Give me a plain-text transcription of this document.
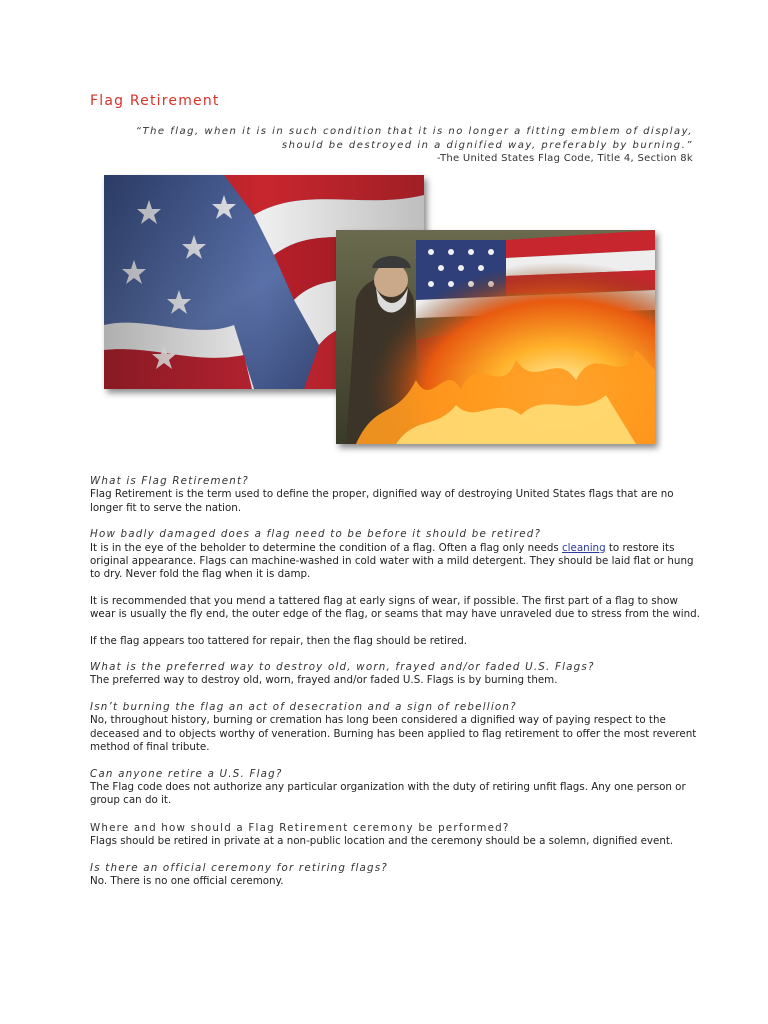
Flag Retirement
“The flag, when it is in such condition that it is no longer a fitting emblem of display, should be destroyed in a dignified way, preferably by burning.”
-The United States Flag Code, Title 4, Section 8k
What is Flag Retirement?

Flag Retirement is the term used to define the proper, dignified way of destroying United States flags that are no longer fit to serve the nation.

How badly damaged does a flag need to be before it should be retired?

It is in the eye of the beholder to determine the condition of a flag. Often a flag only needs cleaning to restore its original appearance. Flags can machine-washed in cold water with a mild detergent. They should be laid flat or hung to dry. Never fold the flag when it is damp.

It is recommended that you mend a tattered flag at early signs of wear, if possible. The first part of a flag to show wear is usually the fly end, the outer edge of the flag, or seams that may have unraveled due to stress from the wind.

If the flag appears too tattered for repair, then the flag should be retired.

What is the preferred way to destroy old, worn, frayed and/or faded U.S. Flags?

The preferred way to destroy old, worn, frayed and/or faded U.S. Flags is by burning them.

Isn’t burning the flag an act of desecration and a sign of rebellion?

No, throughout history, burning or cremation has long been considered a dignified way of paying respect to the deceased and to objects worthy of veneration. Burning has been applied to flag retirement to offer the most reverent method of final tribute.

Can anyone retire a U.S. Flag?

The Flag code does not authorize any particular organization with the duty of retiring unfit flags. Any one person or group can do it.

Where and how should a Flag Retirement ceremony be performed?

Flags should be retired in private at a non-public location and the ceremony should be a solemn, dignified event.

Is there an official ceremony for retiring flags?

No. There is no one official ceremony.
